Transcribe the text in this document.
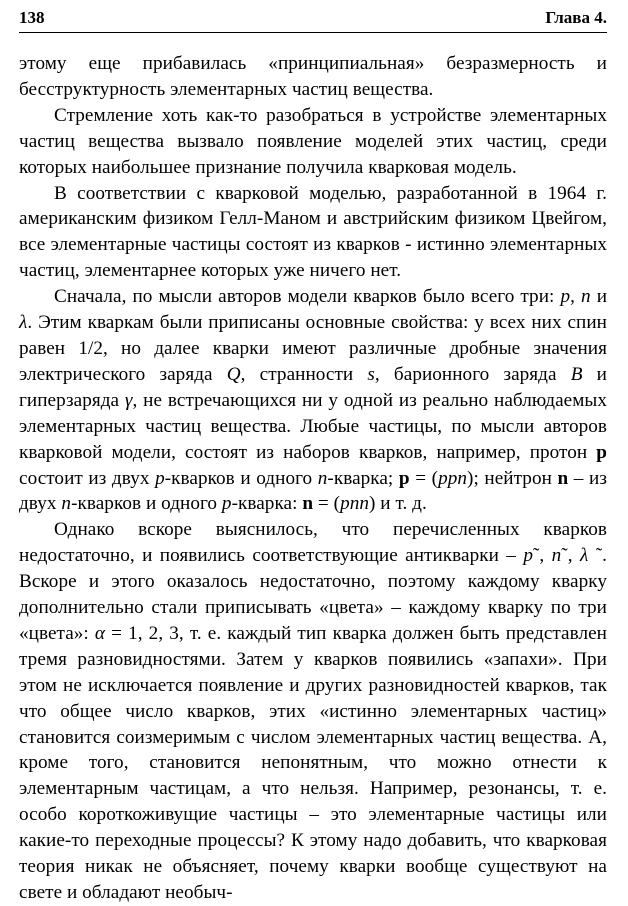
138	Глава 4.

этому еще прибавилась «принципиальная» безразмерность и бесструктурность элементарных частиц вещества.

Стремление хоть как-то разобраться в устройстве элементарных частиц вещества вызвало появление моделей этих частиц, среди которых наибольшее признание получила кварковая модель.

В соответствии с кварковой моделью, разработанной в 1964 г. американским физиком Гелл-Маном и австрийским физиком Цвейгом, все элементарные частицы состоят из кварков - истинно элементарных частиц, элементарнее которых уже ничего нет.

Сначала, по мысли авторов модели кварков было всего три: p, n и λ. Этим кваркам были приписаны основные свойства: у всех них спин равен 1/2, но далее кварки имеют различные дробные значения электрического заряда Q, странности s, барионного заряда B и гиперзаряда γ, не встречающихся ни у одной из реально наблюдаемых элементарных частиц вещества. Любые частицы, по мысли авторов кварковой модели, состоят из наборов кварков, например, протон p состоит из двух p-кварков и одного n-кварка; p = (ppn); нейтрон n – из двух n-кварков и одного p-кварка: n = (pnn) и т. д.

Однако вскоре выяснилось, что перечисленных кварков недостаточно, и появились соответствующие антикварки – p˜, n˜, λ ˜. Вскоре и этого оказалось недостаточно, поэтому каждому кварку дополнительно стали приписывать «цвета» – каждому кварку по три «цвета»: α = 1, 2, 3, т. е. каждый тип кварка должен быть представлен тремя разновидностями. Затем у кварков появились «запахи». При этом не исключается появление и других разновидностей кварков, так что общее число кварков, этих «истинно элементарных частиц» становится соизмеримым с числом элементарных частиц вещества. А, кроме того, становится непонятным, что можно отнести к элементарным частицам, а что нельзя. Например, резонансы, т. е. особо короткоживущие частицы – это элементарные частицы или какие-то переходные процессы? К этому надо добавить, что кварковая теория никак не объясняет, почему кварки вообще существуют на свете и обладают необыч-
